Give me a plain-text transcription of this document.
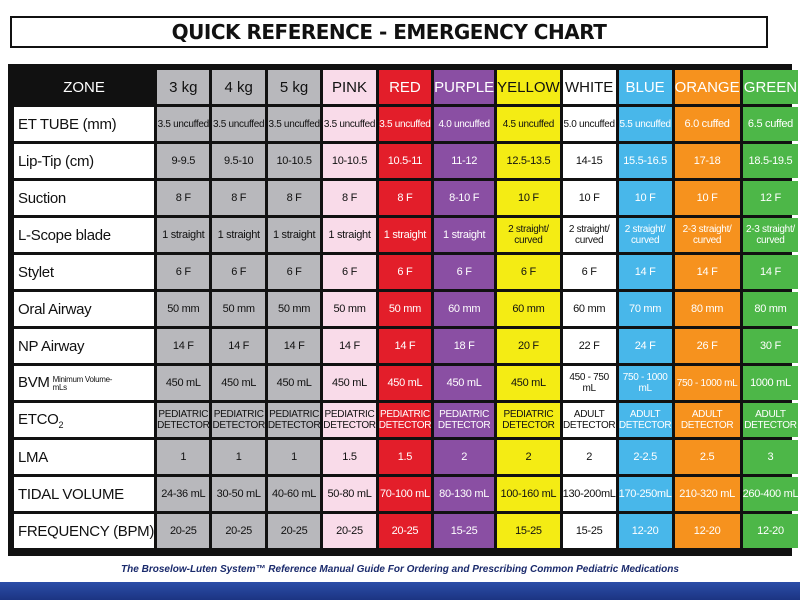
QUICK REFERENCE - EMERGENCY CHART
ZONE	3 kg	4 kg	5 kg	PINK	RED	PURPLE	YELLOW	WHITE	BLUE	ORANGE	GREEN
ET TUBE (mm)	3.5 uncuffed	3.5 uncuffed	3.5 uncuffed	3.5 uncuffed	3.5 uncuffed	4.0 uncuffed	4.5 uncuffed	5.0 uncuffed	5.5 uncuffed	6.0 cuffed	6.5 cuffed
Lip-Tip (cm)	9-9.5	9.5-10	10-10.5	10-10.5	10.5-11	11-12	12.5-13.5	14-15	15.5-16.5	17-18	18.5-19.5
Suction	8 F	8 F	8 F	8 F	8 F	8-10 F	10 F	10 F	10 F	10 F	12 F
L-Scope blade	1 straight	1 straight	1 straight	1 straight	1 straight	1 straight	2 straight/ curved	2 straight/ curved	2 straight/ curved	2-3 straight/ curved	2-3 straight/ curved
Stylet	6 F	6 F	6 F	6 F	6 F	6 F	6 F	6 F	14 F	14 F	14 F
Oral Airway	50 mm	50 mm	50 mm	50 mm	50 mm	60 mm	60 mm	60 mm	70 mm	80 mm	80 mm
NP Airway	14 F	14 F	14 F	14 F	14 F	18 F	20 F	22 F	24 F	26 F	30 F
BVM Minimum Volume-mLs	450 mL	450 mL	450 mL	450 mL	450 mL	450 mL	450 mL	450 - 750 mL	750 - 1000 mL	750 - 1000 mL	1000 mL
$ETCO_2$	PEDIATRIC DETECTOR	PEDIATRIC DETECTOR	PEDIATRIC DETECTOR	PEDIATRIC DETECTOR	PEDIATRIC DETECTOR	PEDIATRIC DETECTOR	PEDIATRIC DETECTOR	ADULT DETECTOR	ADULT DETECTOR	ADULT DETECTOR	ADULT DETECTOR
LMA	1	1	1	1.5	1.5	2	2	2	2-2.5	2.5	3
TIDAL VOLUME	24-36 mL	30-50 mL	40-60 mL	50-80 mL	70-100 mL	80-130 mL	100-160 mL	130-200mL	170-250mL	210-320 mL	260-400 mL
FREQUENCY (BPM)	20-25	20-25	20-25	20-25	20-25	15-25	15-25	15-25	12-20	12-20	12-20
The Broselow-Luten System™ Reference Manual Guide For Ordering and Prescribing Common Pediatric Medications
